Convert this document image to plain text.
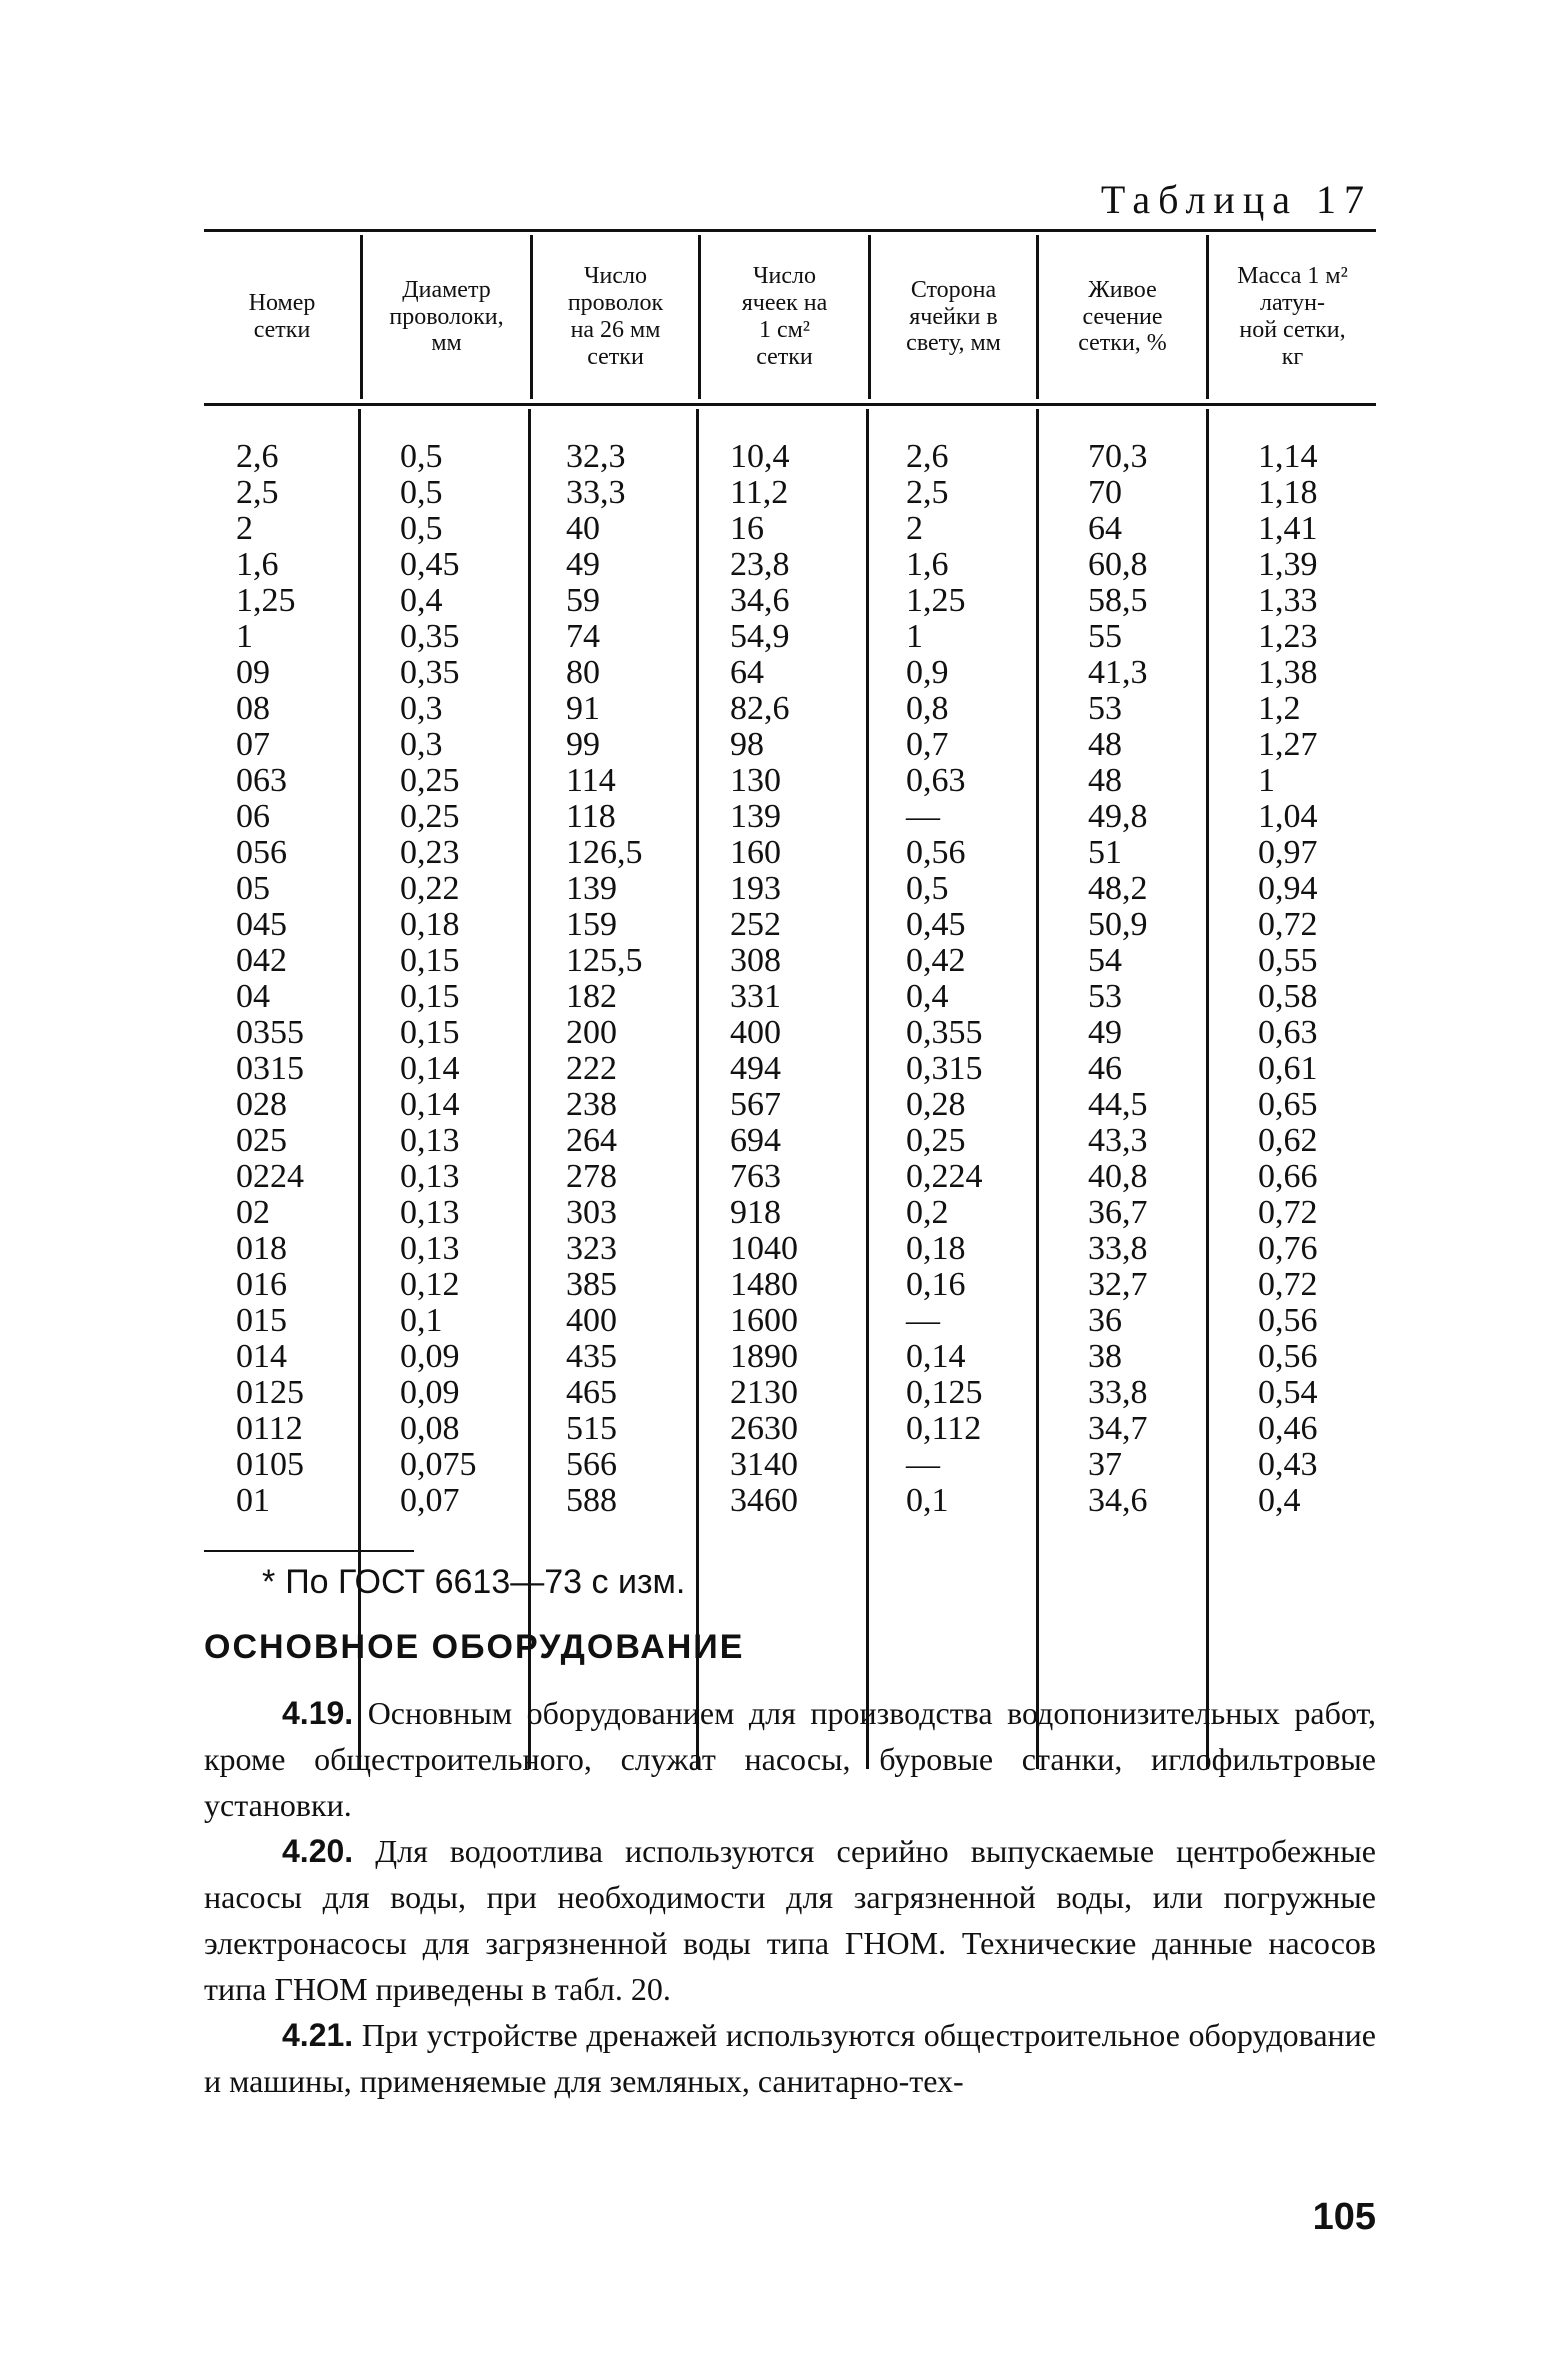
Таблица 17
Номер
сетки
Диаметр
проволоки,
мм
Число
проволок
на 26 мм
сетки
Число
ячеек на
1 см²
сетки
Сторона
ячейки в
свету, мм
Живое
сечение
сетки, %
Масса 1 м²
латун-
ной сетки,
кг
2,6
2,5
2
1,6
1,25
1
09
08
07
063
06
056
05
045
042
04
0355
0315
028
025
0224
02
018
016
015
014
0125
0112
0105
01
0,5
0,5
0,5
0,45
0,4
0,35
0,35
0,3
0,3
0,25
0,25
0,23
0,22
0,18
0,15
0,15
0,15
0,14
0,14
0,13
0,13
0,13
0,13
0,12
0,1
0,09
0,09
0,08
0,075
0,07
32,3
33,3
40
49
59
74
80
91
99
114
118
126,5
139
159
125,5
182
200
222
238
264
278
303
323
385
400
435
465
515
566
588
10,4
11,2
16
23,8
34,6
54,9
64
82,6
98
130
139
160
193
252
308
331
400
494
567
694
763
918
1040
1480
1600
1890
2130
2630
3140
3460
2,6
2,5
2
1,6
1,25
1
0,9
0,8
0,7
0,63
—
0,56
0,5
0,45
0,42
0,4
0,355
0,315
0,28
0,25
0,224
0,2
0,18
0,16
—
0,14
0,125
0,112
—
0,1
70,3
70
64
60,8
58,5
55
41,3
53
48
48
49,8
51
48,2
50,9
54
53
49
46
44,5
43,3
40,8
36,7
33,8
32,7
36
38
33,8
34,7
37
34,6
1,14
1,18
1,41
1,39
1,33
1,23
1,38
1,2
1,27
1
1,04
0,97
0,94
0,72
0,55
0,58
0,63
0,61
0,65
0,62
0,66
0,72
0,76
0,72
0,56
0,56
0,54
0,46
0,43
0,4
* По ГОСТ 6613—73 с изм.
ОСНОВНОЕ ОБОРУДОВАНИЕ

4.19. Основным оборудованием для производства водопонизительных работ, кроме общестроительного, служат насосы, буровые станки, иглофильтровые установки.

4.20. Для водоотлива используются серийно выпускаемые центробежные насосы для воды, при необходимости для загрязненной воды, или погружные электронасосы для загрязненной воды типа ГНОМ. Технические данные насосов типа ГНОМ приведены в табл. 20.

4.21. При устройстве дренажей используются общестроительное оборудование и машины, применяемые для земляных, санитарно-тех-

105
